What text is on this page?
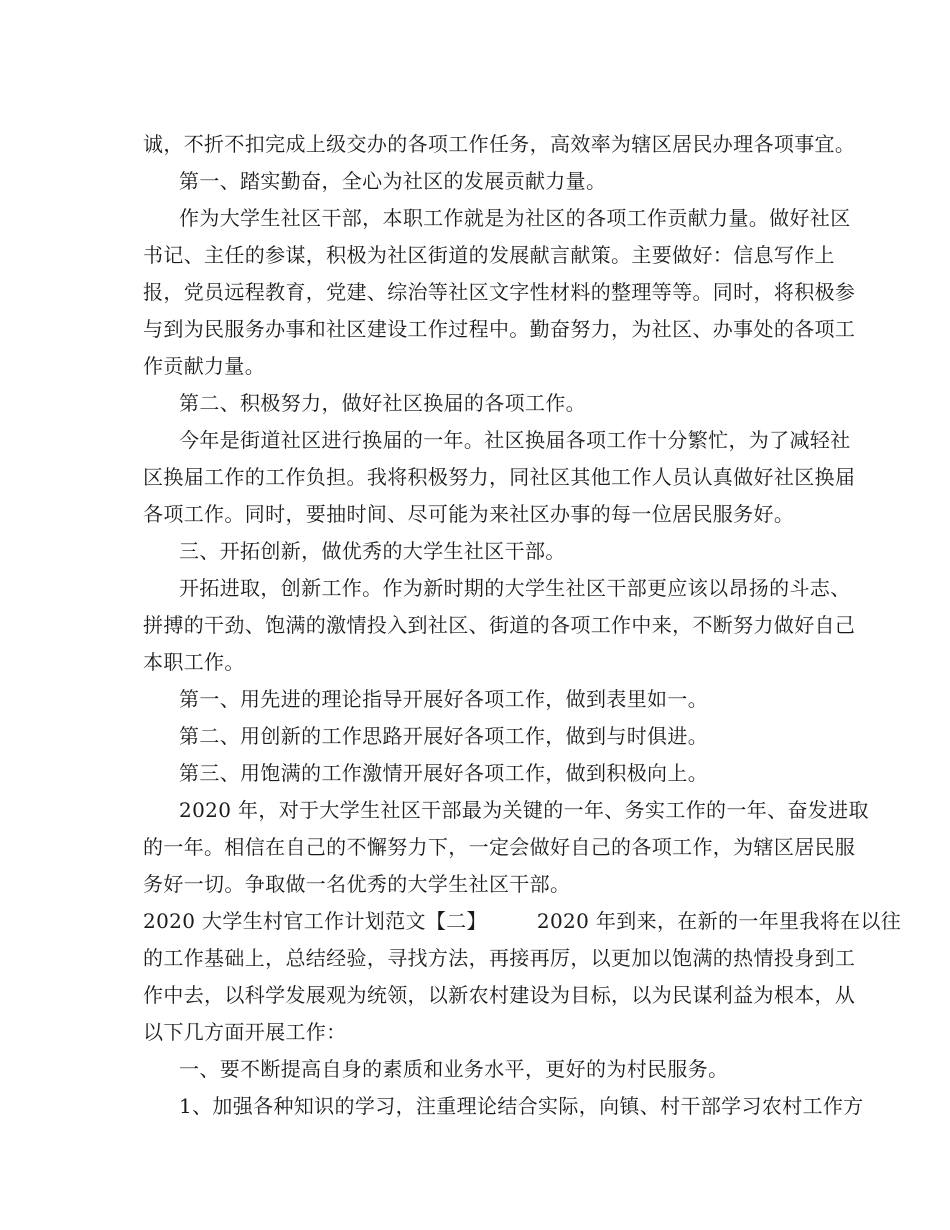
诚，不折不扣完成上级交办的各项工作任务，高效率为辖区居民办理各项事宜。

第一、踏实勤奋，全心为社区的发展贡献力量。

作为大学生社区干部，本职工作就是为社区的各项工作贡献力量。做好社区

书记、主任的参谋，积极为社区街道的发展献言献策。主要做好：信息写作上

报，党员远程教育，党建、综治等社区文字性材料的整理等等。同时，将积极参

与到为民服务办事和社区建设工作过程中。勤奋努力，为社区、办事处的各项工

作贡献力量。

第二、积极努力，做好社区换届的各项工作。

今年是街道社区进行换届的一年。社区换届各项工作十分繁忙，为了减轻社

区换届工作的工作负担。我将积极努力，同社区其他工作人员认真做好社区换届

各项工作。同时，要抽时间、尽可能为来社区办事的每一位居民服务好。

三、开拓创新，做优秀的大学生社区干部。

开拓进取，创新工作。作为新时期的大学生社区干部更应该以昂扬的斗志、

拼搏的干劲、饱满的激情投入到社区、街道的各项工作中来，不断努力做好自己

本职工作。

第一、用先进的理论指导开展好各项工作，做到表里如一。

第二、用创新的工作思路开展好各项工作，做到与时俱进。

第三、用饱满的工作激情开展好各项工作，做到积极向上。

2020 年，对于大学生社区干部最为关键的一年、务实工作的一年、奋发进取

的一年。相信在自己的不懈努力下，一定会做好自己的各项工作，为辖区居民服

务好一切。争取做一名优秀的大学生社区干部。

2020 大学生村官工作计划范文【二】	2020 年到来，在新的一年里我将在以往

的工作基础上，总结经验，寻找方法，再接再厉，以更加以饱满的热情投身到工

作中去，以科学发展观为统领，以新农村建设为目标，以为民谋利益为根本，从

以下几方面开展工作：

一、要不断提高自身的素质和业务水平，更好的为村民服务。

1、加强各种知识的学习，注重理论结合实际，向镇、村干部学习农村工作方
